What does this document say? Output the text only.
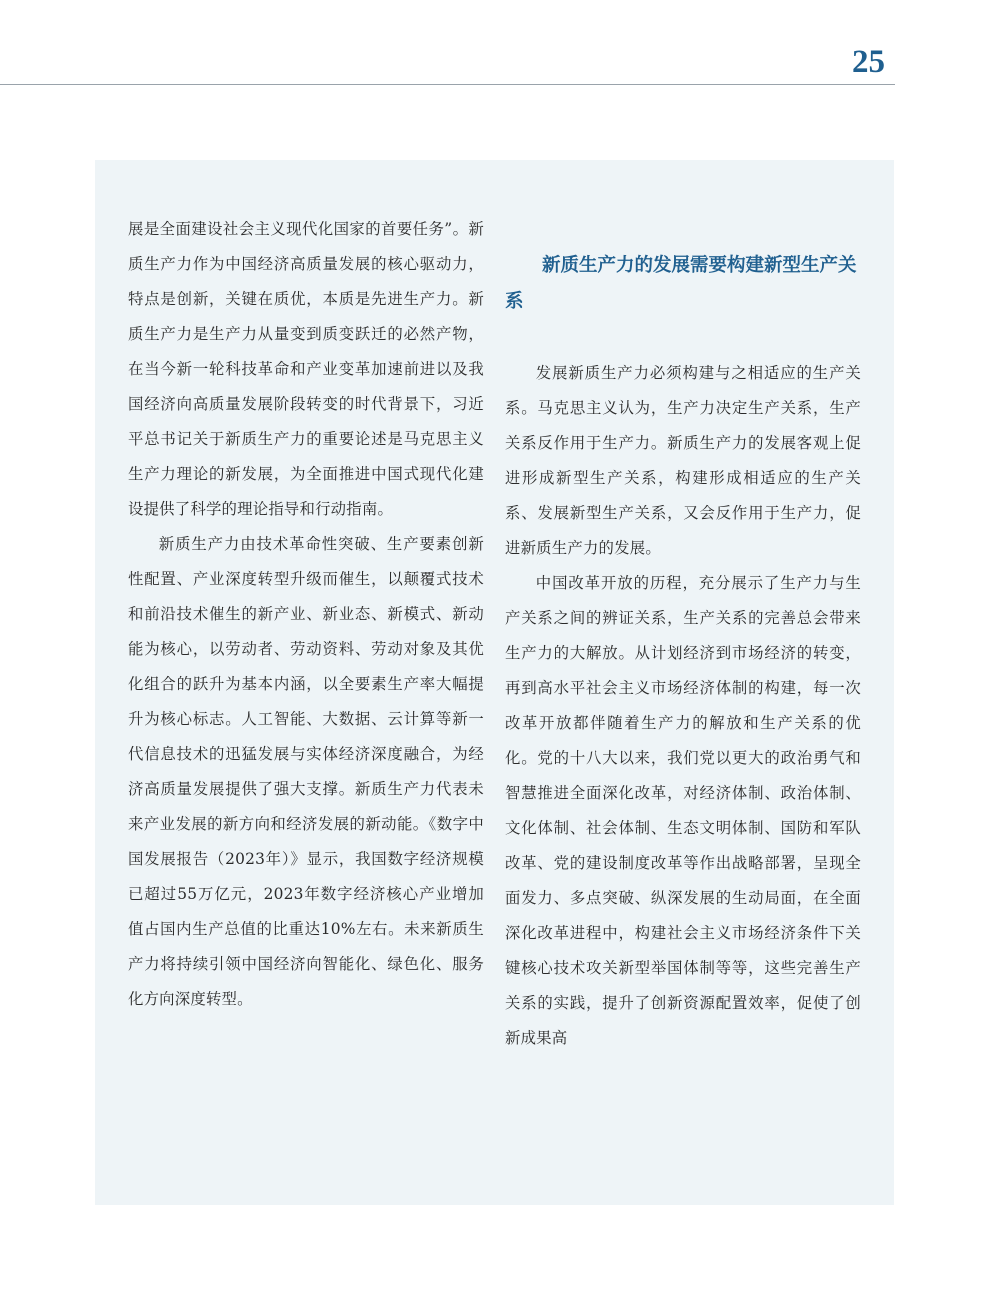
25

展是全面建设社会主义现代化国家的首要任务”。新质生产力作为中国经济高质量发展的核心驱动力，特点是创新，关键在质优，本质是先进生产力。新质生产力是生产力从量变到质变跃迁的必然产物，在当今新一轮科技革命和产业变革加速前进以及我国经济向高质量发展阶段转变的时代背景下，习近平总书记关于新质生产力的重要论述是马克思主义生产力理论的新发展，为全面推进中国式现代化建设提供了科学的理论指导和行动指南。

新质生产力由技术革命性突破、生产要素创新性配置、产业深度转型升级而催生，以颠覆式技术和前沿技术催生的新产业、新业态、新模式、新动能为核心，以劳动者、劳动资料、劳动对象及其优化组合的跃升为基本内涵，以全要素生产率大幅提升为核心标志。人工智能、大数据、云计算等新一代信息技术的迅猛发展与实体经济深度融合，为经济高质量发展提供了强大支撑。新质生产力代表未来产业发展的新方向和经济发展的新动能。《数字中国发展报告（2023年）》显示，我国数字经济规模已超过55万亿元，2023年数字经济核心产业增加值占国内生产总值的比重达10%左右。未来新质生产力将持续引领中国经济向智能化、绿色化、服务化方向深度转型。

新质生产力的发展需要构建新型生产关系

发展新质生产力必须构建与之相适应的生产关系。马克思主义认为，生产力决定生产关系，生产关系反作用于生产力。新质生产力的发展客观上促进形成新型生产关系，构建形成相适应的生产关系、发展新型生产关系，又会反作用于生产力，促进新质生产力的发展。

中国改革开放的历程，充分展示了生产力与生产关系之间的辨证关系，生产关系的完善总会带来生产力的大解放。从计划经济到市场经济的转变，再到高水平社会主义市场经济体制的构建，每一次改革开放都伴随着生产力的解放和生产关系的优化。党的十八大以来，我们党以更大的政治勇气和智慧推进全面深化改革，对经济体制、政治体制、文化体制、社会体制、生态文明体制、国防和军队改革、党的建设制度改革等作出战略部署，呈现全面发力、多点突破、纵深发展的生动局面，在全面深化改革进程中，构建社会主义市场经济条件下关键核心技术攻关新型举国体制等等，这些完善生产关系的实践，提升了创新资源配置效率，促使了创新成果高
